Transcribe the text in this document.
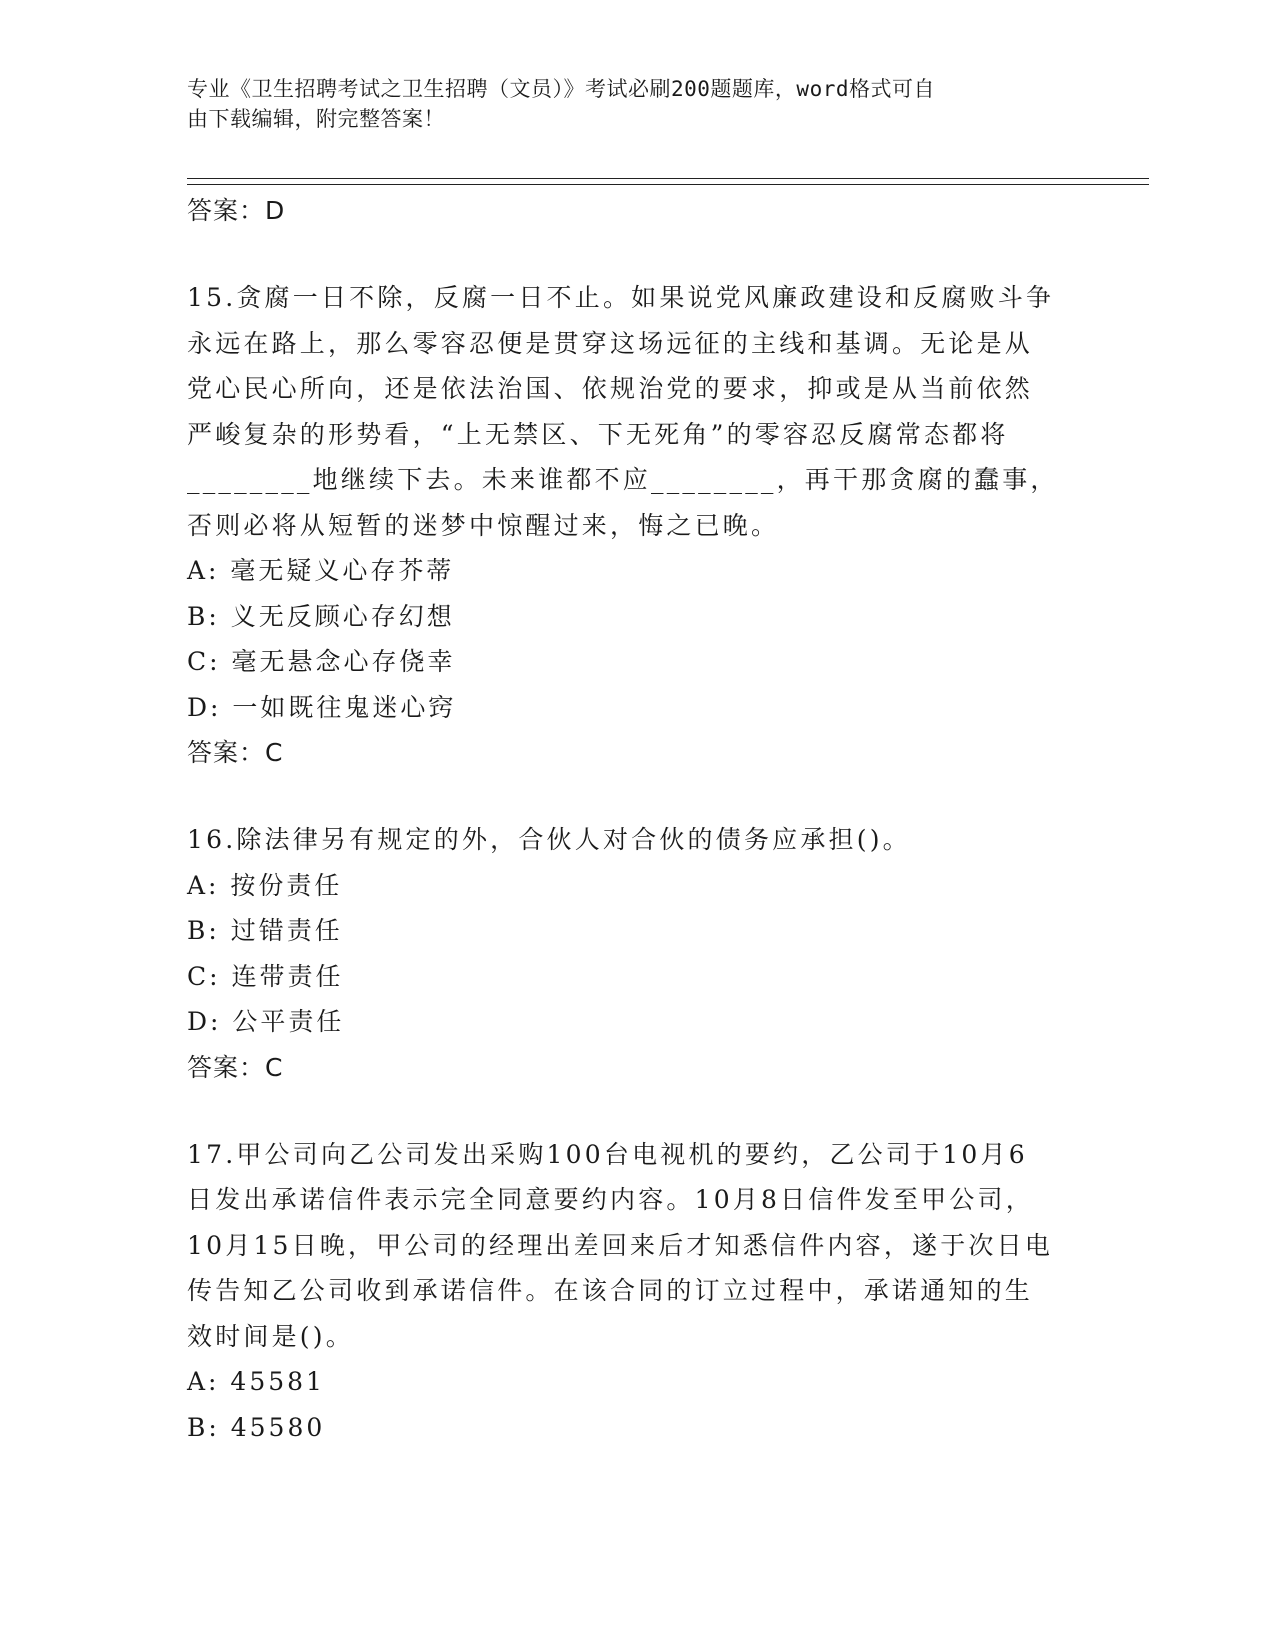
专业《卫生招聘考试之卫生招聘（文员）》考试必刷200题题库，word格式可自
由下载编辑，附完整答案！
答案：D
15.贪腐一日不除，反腐一日不止。如果说党风廉政建设和反腐败斗争
永远在路上，那么零容忍便是贯穿这场远征的主线和基调。无论是从
党心民心所向，还是依法治国、依规治党的要求，抑或是从当前依然
严峻复杂的形势看，“上无禁区、下无死角”的零容忍反腐常态都将
________地继续下去。未来谁都不应________，再干那贪腐的蠢事，
否则必将从短暂的迷梦中惊醒过来，悔之已晚。
A: 毫无疑义心存芥蒂
B: 义无反顾心存幻想
C: 毫无悬念心存侥幸
D: 一如既往鬼迷心窍
答案：C
16.除法律另有规定的外，合伙人对合伙的债务应承担()。
A: 按份责任
B: 过错责任
C: 连带责任
D: 公平责任
答案：C
17.甲公司向乙公司发出采购100台电视机的要约，乙公司于10月6
日发出承诺信件表示完全同意要约内容。10月8日信件发至甲公司，
10月15日晚，甲公司的经理出差回来后才知悉信件内容，遂于次日电
传告知乙公司收到承诺信件。在该合同的订立过程中，承诺通知的生
效时间是()。
A: 45581
B: 45580
